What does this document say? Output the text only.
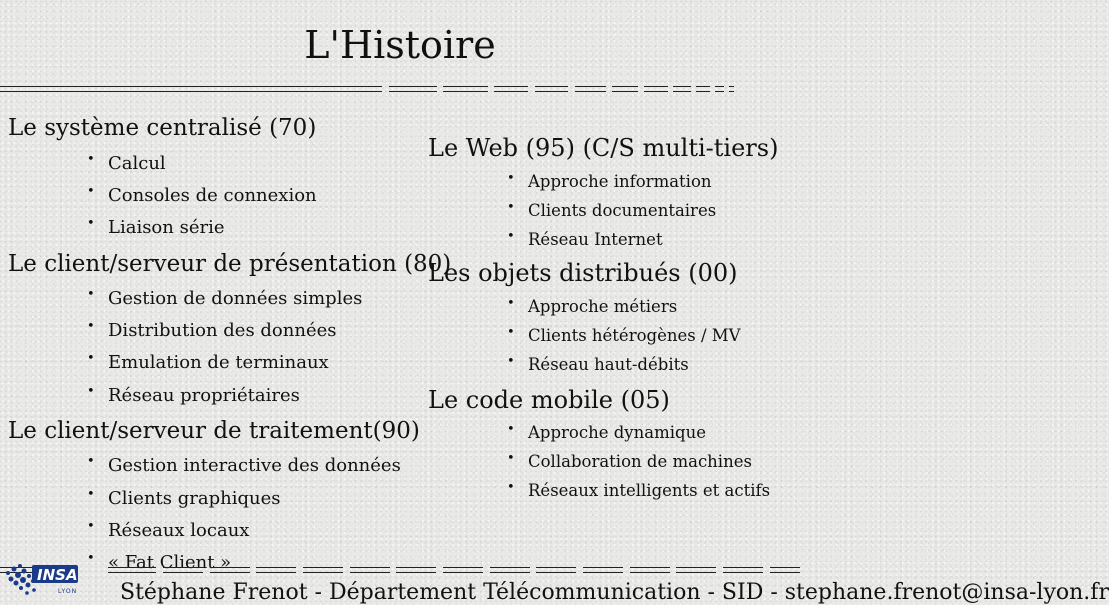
L'Histoire
Le système centralisé (70)
• Calcul
• Consoles de connexion
• Liaison série
Le client/serveur de présentation (80)
• Gestion de données simples
• Distribution des données
• Emulation de terminaux
• Réseau propriétaires
Le client/serveur de traitement(90)
• Gestion interactive des données
• Clients graphiques
• Réseaux locaux
• « Fat Client »
Le Web (95) (C/S multi-tiers)
• Approche information
• Clients documentaires
• Réseau Internet
Les objets distribués (00)
• Approche métiers
• Clients hétérogènes / MV
• Réseau haut-débits
Le code mobile (05)
• Approche dynamique
• Collaboration de machines
• Réseaux intelligents et actifs
INSA
LYON Stéphane Frenot - Département Télécommunication - SID - stephane.frenot@insa-lyon.fr
